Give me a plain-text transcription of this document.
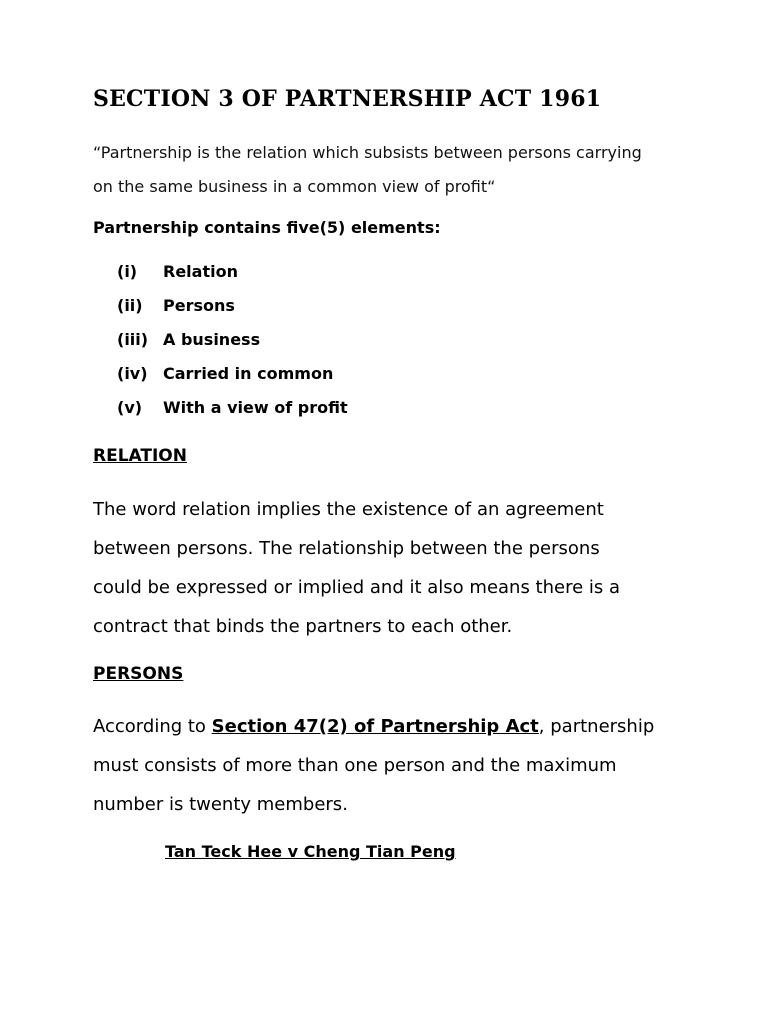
SECTION 3 OF PARTNERSHIP ACT 1961
“Partnership is the relation which subsists between persons carrying
on the same business in a common view of profit“
Partnership contains five(5) elements:
(i) Relation
(ii) Persons
(iii) A business
(iv) Carried in common
(v) With a view of profit
RELATION
The word relation implies the existence of an agreement
between persons. The relationship between the persons
could be expressed or implied and it also means there is a
contract that binds the partners to each other.
PERSONS
According to Section 47(2) of Partnership Act, partnership
must consists of more than one person and the maximum
number is twenty members.
Tan Teck Hee v Cheng Tian Peng
